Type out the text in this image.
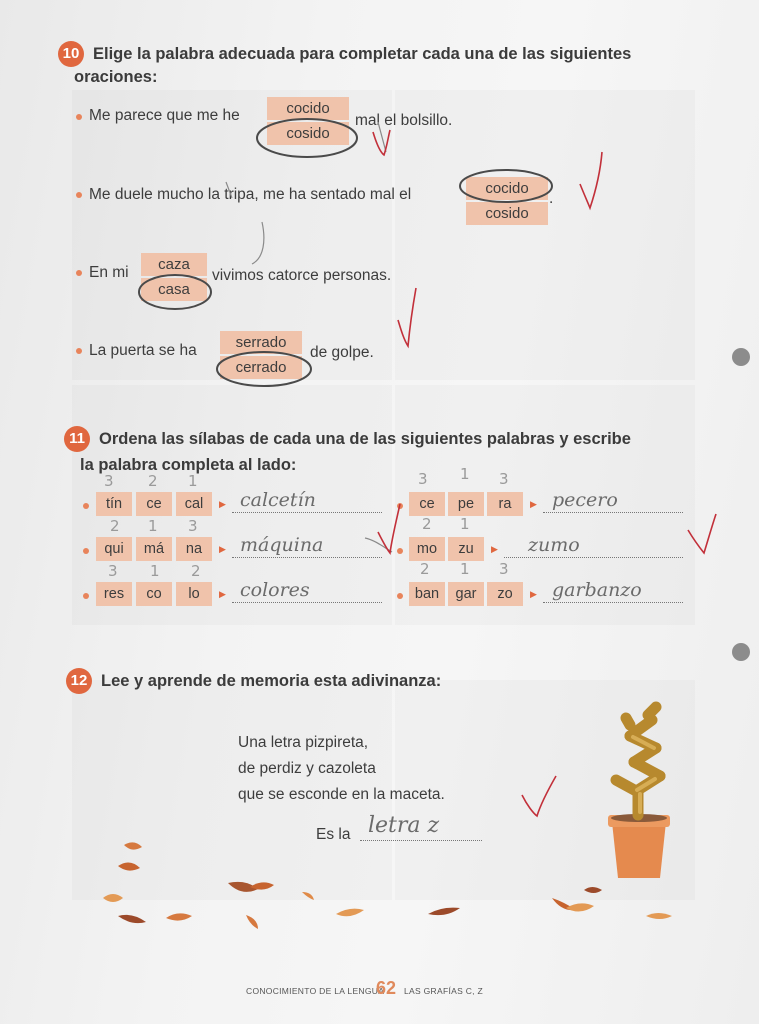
10 Elige la palabra adecuada para completar cada una de las siguientes
oraciones:
Me parece que me he	cocido
cosido
mal el bolsillo.
Me duele mucho la tripa, me ha sentado mal el	cocido
cosido
.
En mi	caza
casa
vivimos catorce personas.
La puerta se ha	serrado
cerrado
de golpe.
11 Ordena las sílabas de cada una de las siguientes palabras y escribe
la palabra completa al lado:
3 2 1
tín	ce	cal	▶ calcetín
2 1 3
qui	má	na	▶ máquina
3 1 2
res	co	lo	▶ colores
3 1 3
ce	pe	ra	▶ pecero
2 1
mo	zu	▶ zumo
2 1 3
ban	gar	zo	▶ garbanzo
12 Lee y aprende de memoria esta adivinanza:
Una letra pizpireta,
de perdiz y cazoleta
que se esconde en la maceta.
Es la letra z
CONOCIMIENTO DE LA LENGUA
62 LAS GRAFÍAS C, Z
